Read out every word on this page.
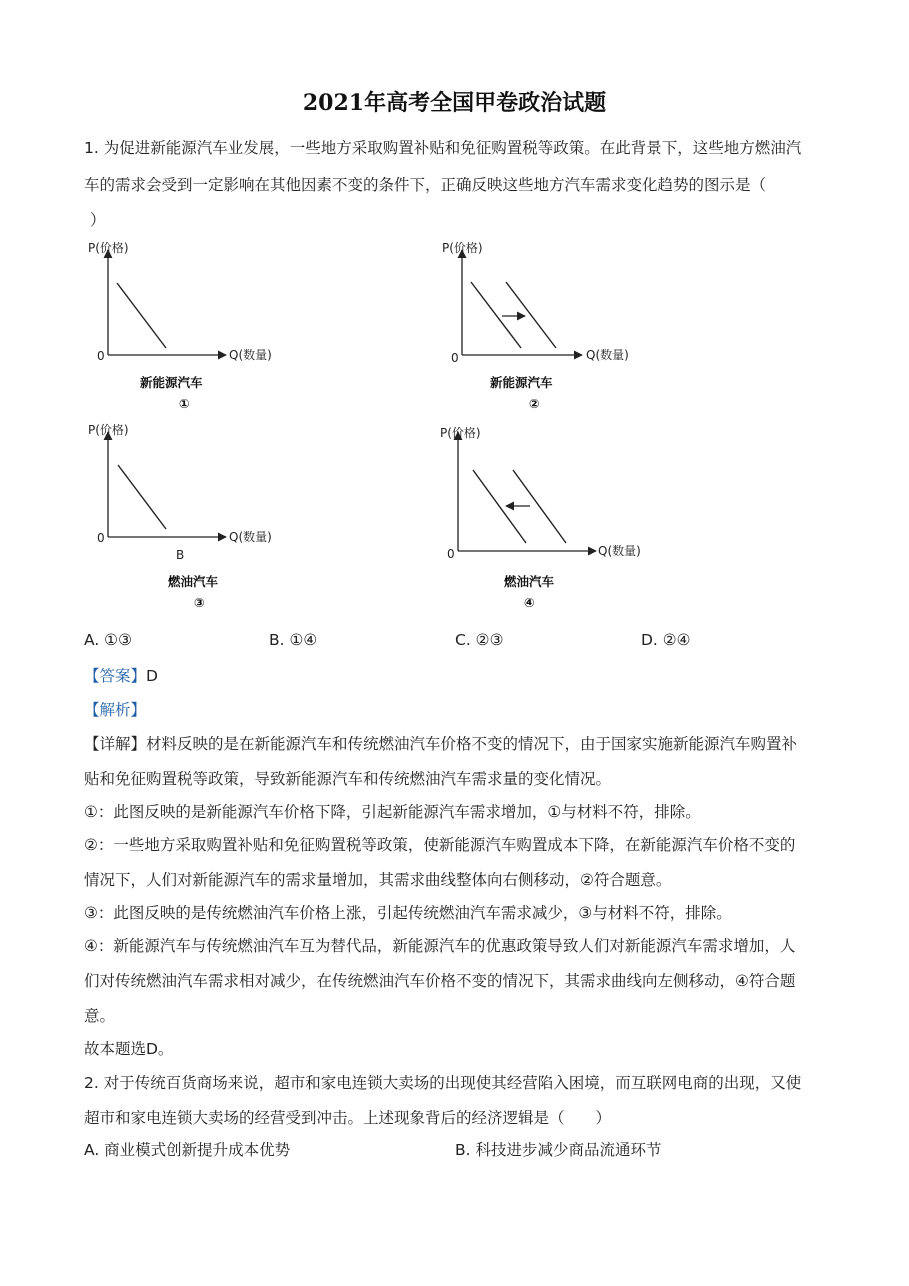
2021年高考全国甲卷政治试题
1. 为促进新能源汽车业发展，一些地方采取购置补贴和免征购置税等政策。在此背景下，这些地方燃油汽
车的需求会受到一定影响在其他因素不变的条件下，正确反映这些地方汽车需求变化趋势的图示是（
）
P(价格)
Q(数量)
0
新能源汽车
①
P(价格)
Q(数量)
0
新能源汽车
②
P(价格)
Q(数量)
0
B
燃油汽车
③
P(价格)
Q(数量)
0
燃油汽车
④
A. ①③	B. ①④	C. ②③	D. ②④
【答案】D
【解析】
【详解】材料反映的是在新能源汽车和传统燃油汽车价格不变的情况下，由于国家实施新能源汽车购置补
贴和免征购置税等政策，导致新能源汽车和传统燃油汽车需求量的变化情况。
①：此图反映的是新能源汽车价格下降，引起新能源汽车需求增加，①与材料不符，排除。
②：一些地方采取购置补贴和免征购置税等政策，使新能源汽车购置成本下降，在新能源汽车价格不变的
情况下，人们对新能源汽车的需求量增加，其需求曲线整体向右侧移动，②符合题意。
③：此图反映的是传统燃油汽车价格上涨，引起传统燃油汽车需求减少，③与材料不符，排除。
④：新能源汽车与传统燃油汽车互为替代品，新能源汽车的优惠政策导致人们对新能源汽车需求增加，人
们对传统燃油汽车需求相对减少，在传统燃油汽车价格不变的情况下，其需求曲线向左侧移动，④符合题
意。
故本题选D。
2. 对于传统百货商场来说，超市和家电连锁大卖场的出现使其经营陷入困境，而互联网电商的出现，又使
超市和家电连锁大卖场的经营受到冲击。上述现象背后的经济逻辑是（　　）
A. 商业模式创新提升成本优势	B. 科技进步减少商品流通环节
